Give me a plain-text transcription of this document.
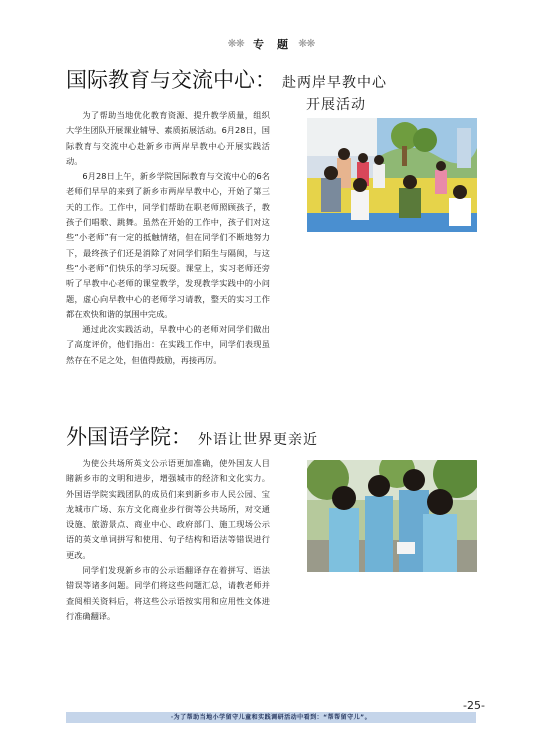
❋❋ 专　题 ❋❋
国际教育与交流中心： 赴两岸早教中心
开展活动

为了帮助当地优化教育资源、提升教学质量，组织大学生团队开展课业辅导、素质拓展活动。6月28日，国际教育与交流中心赴新乡市两岸早教中心开展实践活动。

6月28日上午，新乡学院国际教育与交流中心的6名老师们早早的来到了新乡市两岸早教中心，开始了第三天的工作。工作中，同学们帮助在职老师照顾孩子，教孩子们唱歌、跳舞。虽然在开始的工作中，孩子们对这些“小老师”有一定的抵触情绪，但在同学们不断地努力下，最终孩子们还是消除了对同学们陌生与隔阂，与这些“小老师”们快乐的学习玩耍。课堂上，实习老师还旁听了早教中心老师的课堂教学，发现教学实践中的小问题，虚心向早教中心的老师学习请教，整天的实习工作都在欢快和谐的氛围中完成。

通过此次实践活动，早教中心的老师对同学们做出了高度评价，他们指出：在实践工作中，同学们表现虽然存在不足之处，但值得鼓励，再接再厉。

外国语学院： 外语让世界更亲近

为使公共场所英文公示语更加准确，使外国友人目睹新乡市的文明和进步，增强城市的经济和文化实力。外国语学院实践团队的成员们来到新乡市人民公园、宝龙城市广场、东方文化商业步行街等公共场所，对交通设施、旅游景点、商业中心、政府部门、施工现场公示语的英文单词拼写和使用、句子结构和语法等错误进行更改。

同学们发现新乡市的公示语翻译存在着拼写、语法错误等诸多问题。同学们将这些问题汇总，请教老师并查阅相关资料后，将这些公示语按实用和应用性文体进行准确翻译。

-25-
·为了帮助当地小学留守儿童和实践调研活动中看到：“帮帮留守儿”。
